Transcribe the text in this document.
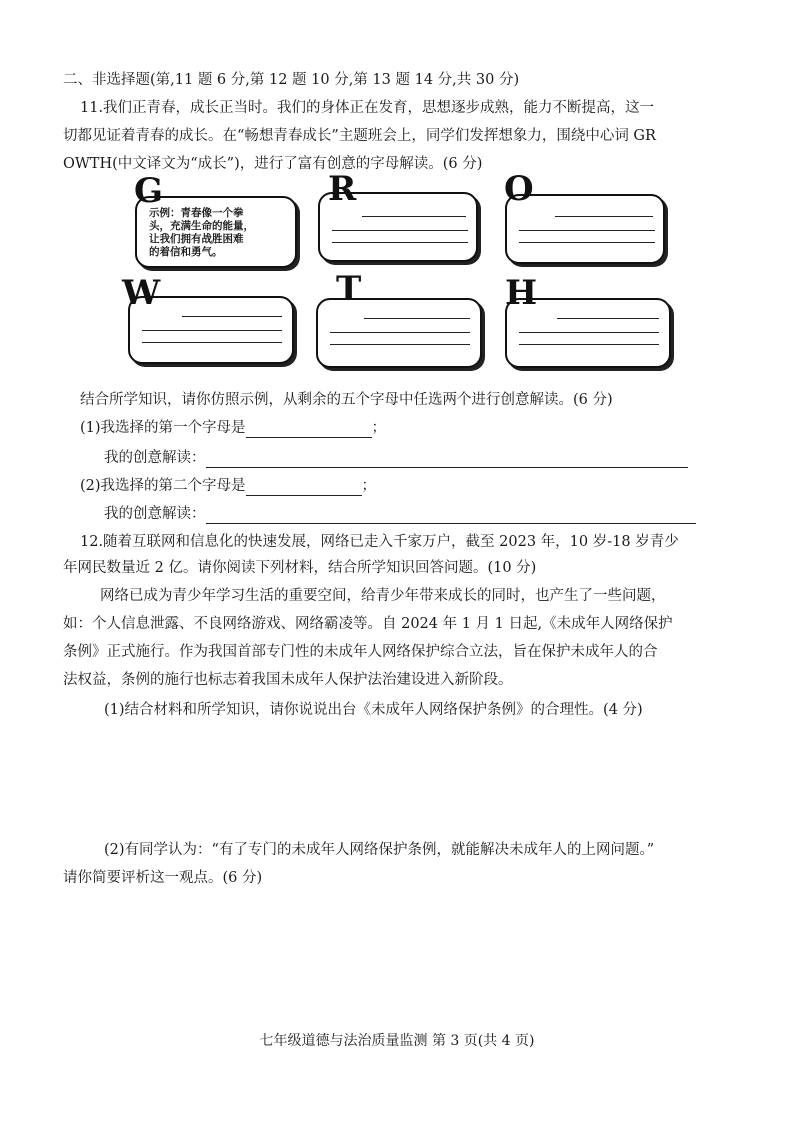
二、非选择题(第,11 题 6 分,第 12 题 10 分,第 13 题 14 分,共 30 分)
11.我们正青春，成长正当时。我们的身体正在发育，思想逐步成熟，能力不断提高，这一
切都见证着青春的成长。在“畅想青春成长”主题班会上，同学们发挥想象力，围绕中心词 GR
OWTH(中文译文为“成长”)，进行了富有创意的字母解读。(6 分)
示例：青春像一个拳
头，充满生命的能量，
让我们拥有战胜困难
的着信和勇气。
G	R	O
W	T	H
结合所学知识，请你仿照示例，从剩余的五个字母中任选两个进行创意解读。(6 分)
(1)我选择的第一个字母是	；
我的创意解读：
(2)我选择的第二个字母是	；
我的创意解读：
12.随着互联网和信息化的快速发展，网络已走入千家万户，截至 2023 年，10 岁-18 岁青少
年网民数量近 2 亿。请你阅读下列材料，结合所学知识回答问题。(10 分)
网络已成为青少年学习生活的重要空间，给青少年带来成长的同时，也产生了一些问题，
如：个人信息泄露、不良网络游戏、网络霸凌等。自 2024 年 1 月 1 日起,《未成年人网络保护
条例》正式施行。作为我国首部专门性的未成年人网络保护综合立法，旨在保护未成年人的合
法权益，条例的施行也标志着我国未成年人保护法治建设进入新阶段。
(1)结合材料和所学知识，请你说说出台《未成年人网络保护条例》的合理性。(4 分)
(2)有同学认为：“有了专门的未成年人网络保护条例，就能解决未成年人的上网问题。”
请你简要评析这一观点。(6 分)
七年级道德与法治质量监测 第 3 页(共 4 页)
